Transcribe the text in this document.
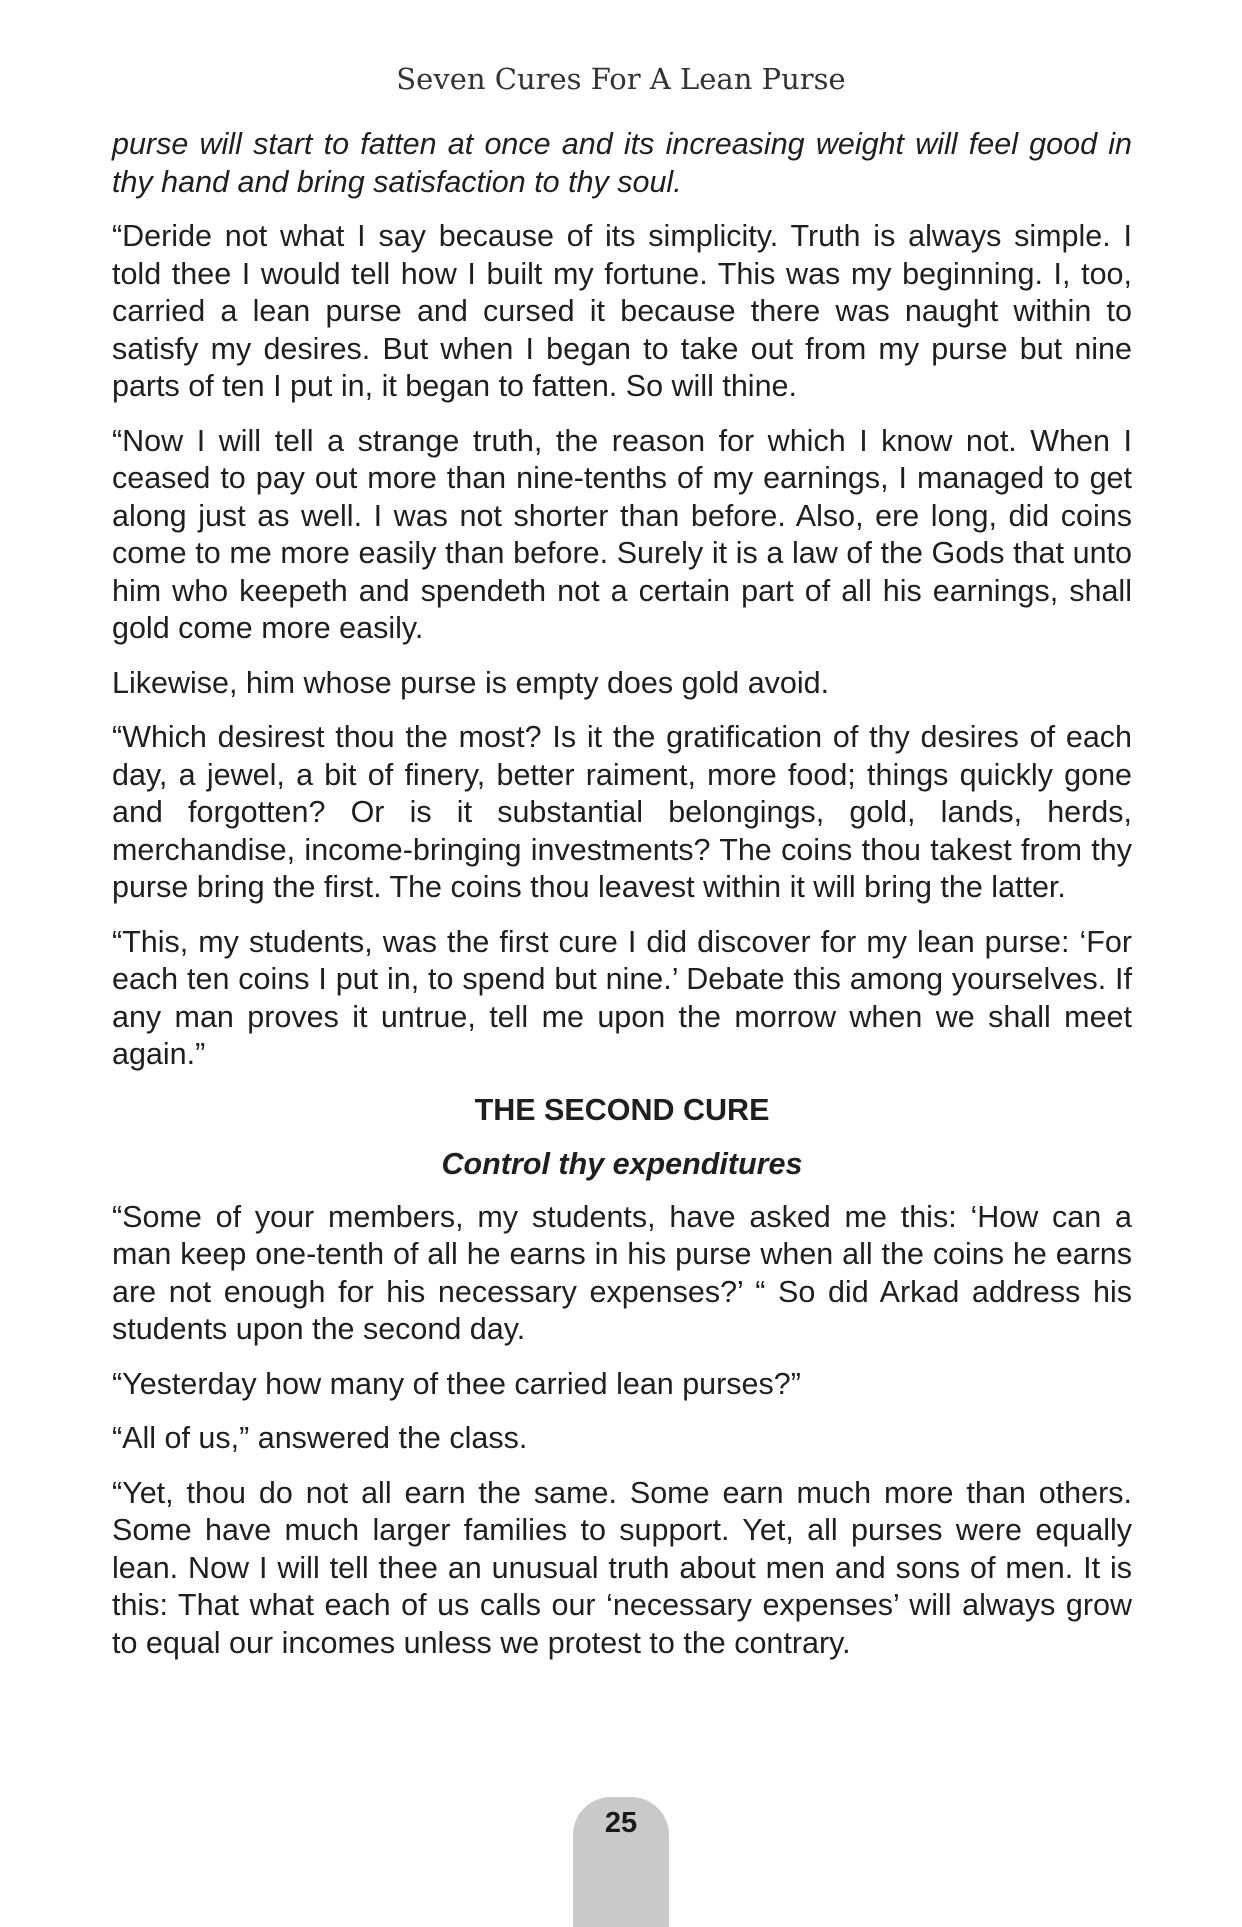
Seven Cures For A Lean Purse

purse will start to fatten at once and its increasing weight will feel good in thy hand and bring satisfaction to thy soul.

“Deride not what I say because of its simplicity. Truth is always simple. I told thee I would tell how I built my fortune. This was my beginning. I, too, carried a lean purse and cursed it because there was naught within to satisfy my desires. But when I began to take out from my purse but nine parts of ten I put in, it began to fatten. So will thine.

“Now I will tell a strange truth, the reason for which I know not. When I ceased to pay out more than nine-tenths of my earnings, I managed to get along just as well. I was not shorter than before. Also, ere long, did coins come to me more easily than before. Surely it is a law of the Gods that unto him who keepeth and spendeth not a certain part of all his earnings, shall gold come more easily.

Likewise, him whose purse is empty does gold avoid.

“Which desirest thou the most? Is it the gratification of thy desires of each day, a jewel, a bit of finery, better raiment, more food; things quickly gone and forgotten? Or is it substantial belongings, gold, lands, herds, merchandise, income-bringing investments? The coins thou takest from thy purse bring the first. The coins thou leavest within it will bring the latter.

“This, my students, was the first cure I did discover for my lean purse: ‘For each ten coins I put in, to spend but nine.’ Debate this among yourselves. If any man proves it untrue, tell me upon the morrow when we shall meet again.”

THE SECOND CURE
Control thy expenditures

“Some of your members, my students, have asked me this: ‘How can a man keep one-tenth of all he earns in his purse when all the coins he earns are not enough for his necessary expenses?’ “ So did Arkad address his students upon the second day.

“Yesterday how many of thee carried lean purses?”

“All of us,” answered the class.

“Yet, thou do not all earn the same. Some earn much more than others. Some have much larger families to support. Yet, all purses were equally lean. Now I will tell thee an unusual truth about men and sons of men. It is this: That what each of us calls our ‘necessary expenses’ will always grow to equal our incomes unless we protest to the contrary.

25
